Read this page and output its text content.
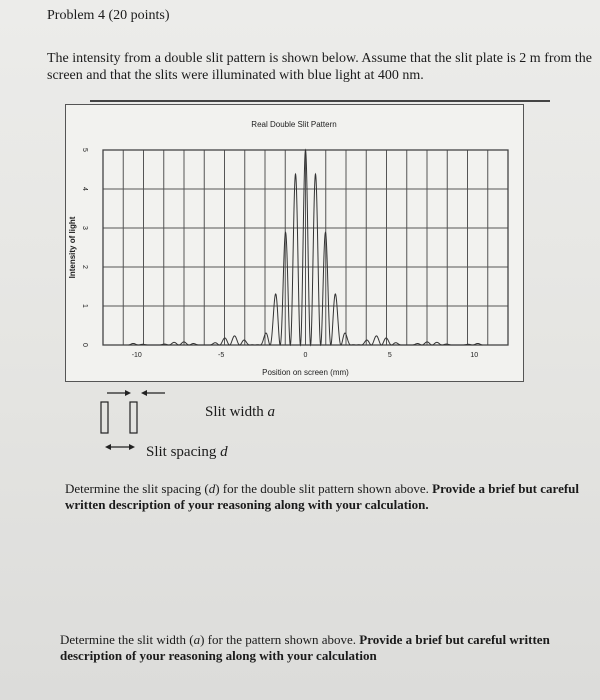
Problem 4 (20 points)
The intensity from a double slit pattern is shown below. Assume that the slit plate is 2 m from the screen and that the slits were illuminated with blue light at 400 nm.
Real Double Slit Pattern
Intensity of light
Position on screen (mm)
-10	-5	0	5	10
0
1
2
3
4
5
Slit width a
Slit spacing d
Determine the slit spacing (d) for the double slit pattern shown above. Provide a brief but careful written description of your reasoning along with your calculation.
Determine the slit width (a) for the pattern shown above. Provide a brief but careful written description of your reasoning along with your calculation
